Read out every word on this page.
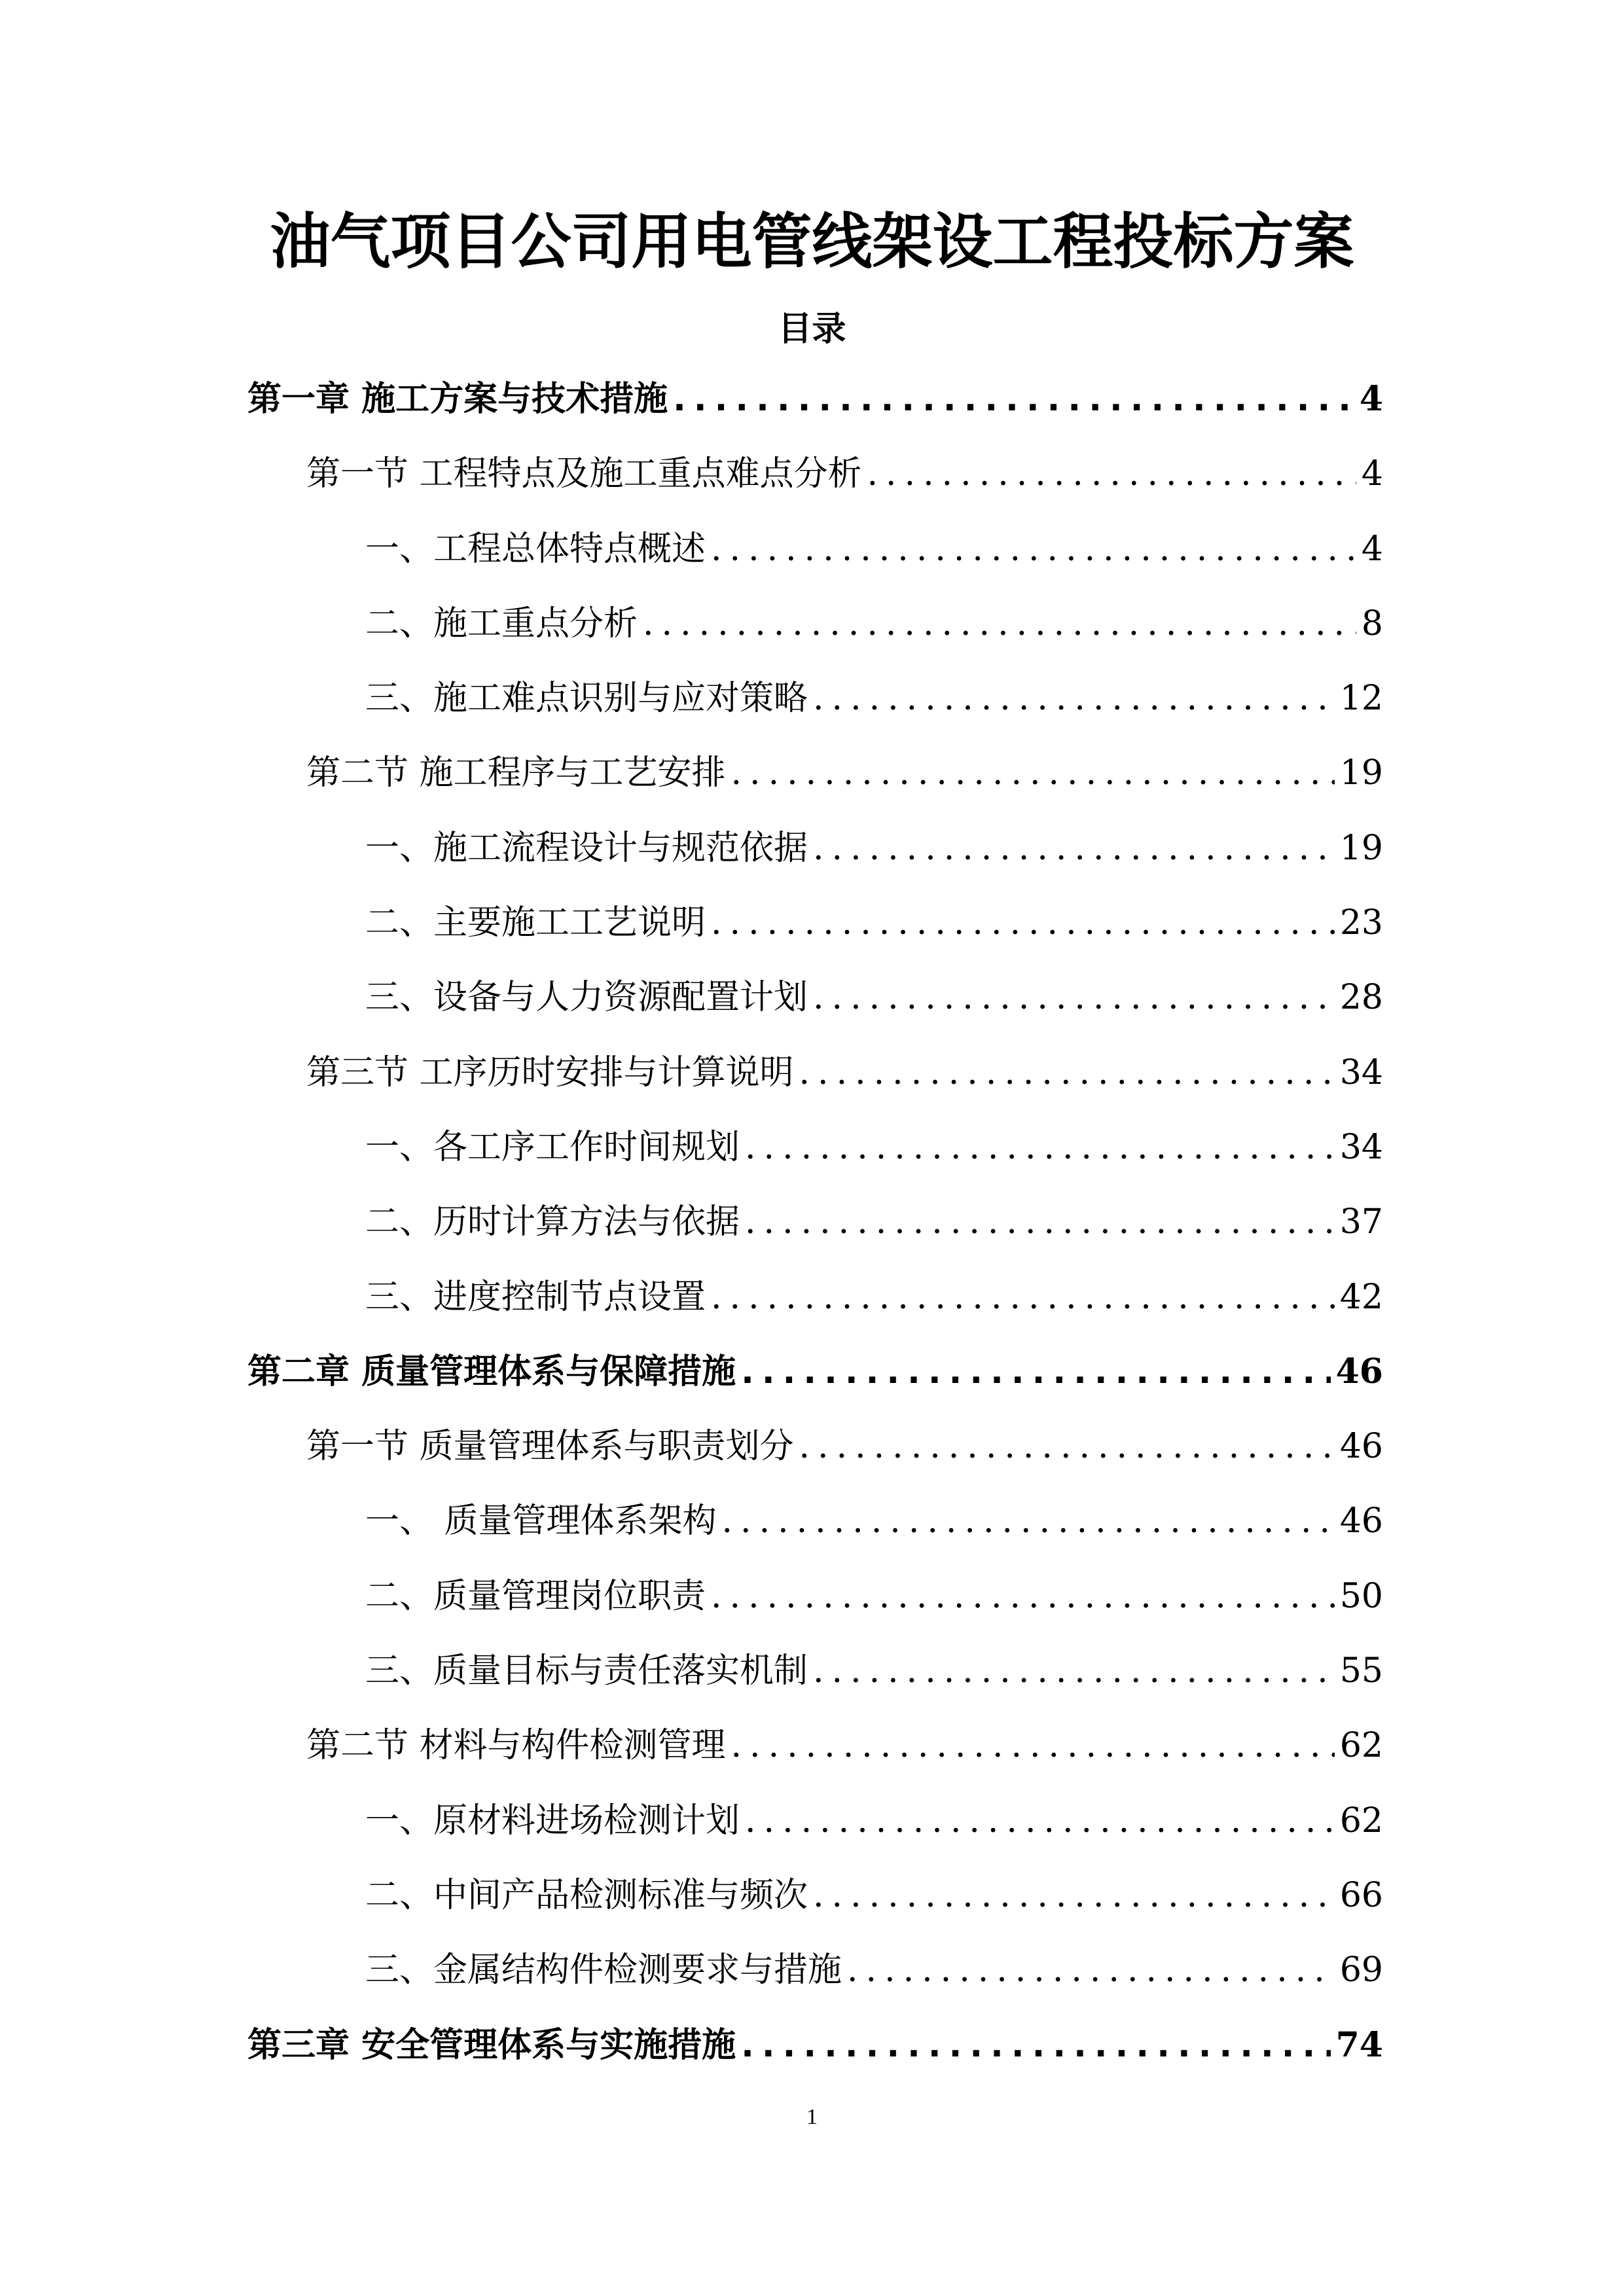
油气项目公司用电管线架设工程投标方案
目录
第一章 施工方案与技术措施 .....	4
第一节 工程特点及施工重点难点分析 .....	4
一、工程总体特点概述 .....	4
二、施工重点分析 .....	8
三、施工难点识别与应对策略 .....	12
第二节 施工程序与工艺安排 .....	19
一、施工流程设计与规范依据 .....	19
二、主要施工工艺说明 .....	23
三、设备与人力资源配置计划 .....	28
第三节 工序历时安排与计算说明 .....	34
一、各工序工作时间规划 .....	34
二、历时计算方法与依据 .....	37
三、进度控制节点设置 .....	42
第二章 质量管理体系与保障措施 .....	46
第一节 质量管理体系与职责划分 .....	46
一、 质量管理体系架构 .....	46
二、质量管理岗位职责 .....	50
三、质量目标与责任落实机制 .....	55
第二节 材料与构件检测管理 .....	62
一、原材料进场检测计划 .....	62
二、中间产品检测标准与频次 .....	66
三、金属结构件检测要求与措施 .....	69
第三章 安全管理体系与实施措施 .....	74
1
